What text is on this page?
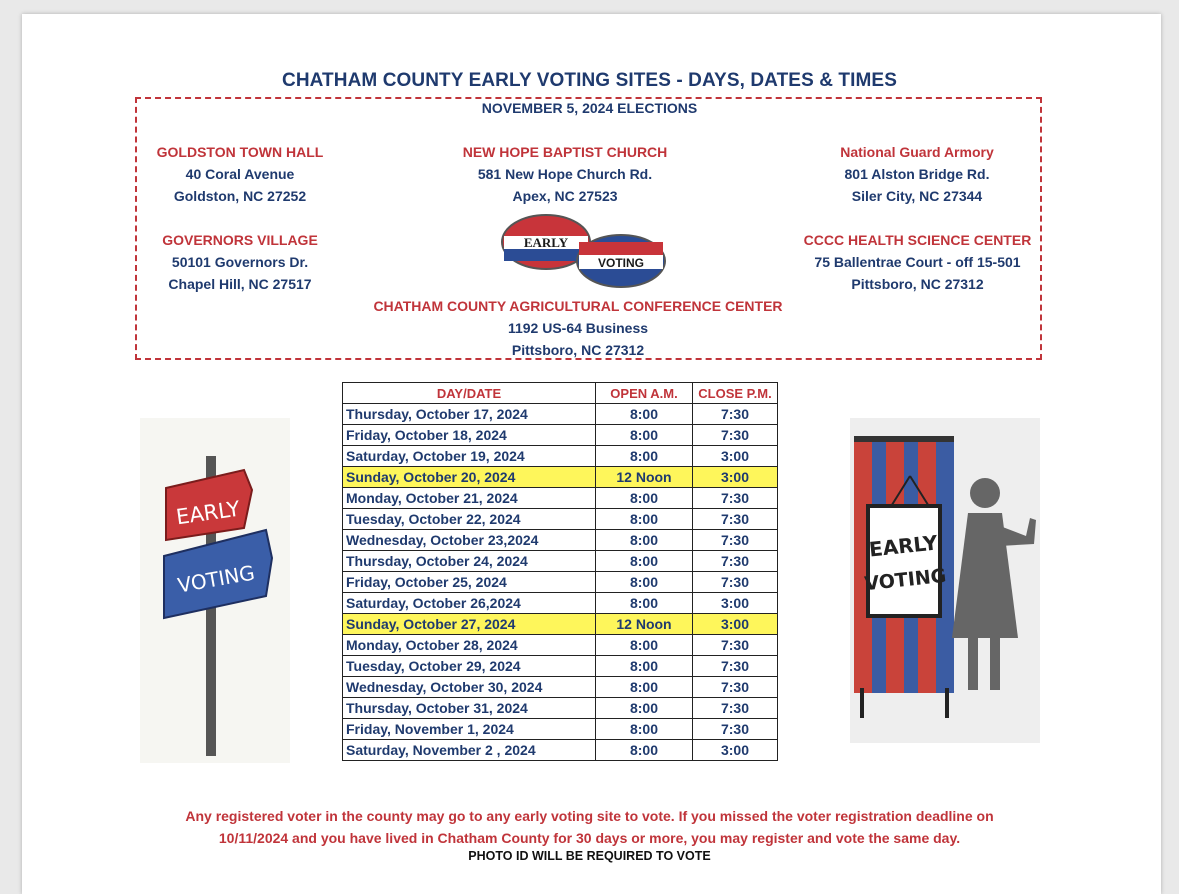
CHATHAM COUNTY EARLY VOTING SITES - DAYS, DATES & TIMES
NOVEMBER 5, 2024 ELECTIONS
GOLDSTON TOWN HALL
40 Coral Avenue
Goldston, NC 27252
NEW HOPE BAPTIST CHURCH
581 New Hope Church Rd.
Apex, NC 27523
National Guard Armory
801 Alston Bridge Rd.
Siler City, NC 27344
GOVERNORS VILLAGE
50101 Governors Dr.
Chapel Hill, NC 27517
CCCC HEALTH SCIENCE CENTER
75 Ballentrae Court - off 15-501
Pittsboro, NC 27312
CHATHAM COUNTY AGRICULTURAL CONFERENCE CENTER
1192 US-64 Business
Pittsboro, NC 27312
EARLY
VOTING
EARLY
VOTING
DAY/DATE	OPEN A.M.	CLOSE P.M.
Thursday, October 17, 2024	8:00	7:30
Friday, October 18, 2024	8:00	7:30
Saturday, October 19, 2024	8:00	3:00
Sunday, October 20, 2024	12 Noon	3:00
Monday, October 21, 2024	8:00	7:30
Tuesday, October 22, 2024	8:00	7:30
Wednesday, October 23,2024	8:00	7:30
Thursday, October 24, 2024	8:00	7:30
Friday, October 25, 2024	8:00	7:30
Saturday, October 26,2024	8:00	3:00
Sunday, October 27, 2024	12 Noon	3:00
Monday, October 28, 2024	8:00	7:30
Tuesday, October 29, 2024	8:00	7:30
Wednesday, October 30, 2024	8:00	7:30
Thursday, October 31, 2024	8:00	7:30
Friday, November 1, 2024	8:00	7:30
Saturday, November 2 , 2024	8:00	3:00
EARLY
VOTING
Any registered voter in the county may go to any early voting site to vote. If you missed the voter registration deadline on
10/11/2024 and you have lived in Chatham County for 30 days or more, you may register and vote the same day.
PHOTO ID WILL BE REQUIRED TO VOTE
